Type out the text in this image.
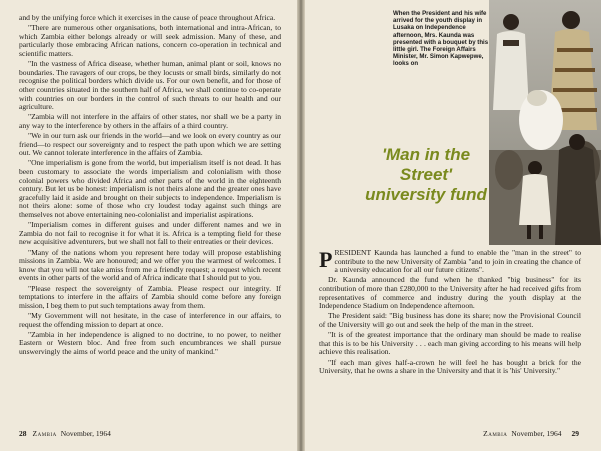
and by the unifying force which it exercises in the cause of peace throughout Africa.

"There are numerous other organisations, both international and intra-African, to which Zambia either belongs already or will seek admission. Many of these, and particularly those embracing African nations, concern co-operation in technical and scientific matters.

"In the vastness of Africa disease, whether human, animal plant or soil, knows no boundaries. The ravagers of our crops, be they locusts or small birds, similarly do not recognise the political borders which divide us. For our own benefit, and for those of other countries situated in the southern half of Africa, we shall continue to co-operate with countries on our borders in the control of such threats to our health and our agriculture.

"Zambia will not interfere in the affairs of other states, nor shall we be a party in any way to the interference by others in the affairs of a third country.

"We in our turn ask our friends in the world—and we look on every country as our friend—to respect our sovereignty and to respect the path upon which we are setting out. We cannot tolerate interference in the affairs of Zambia.

"One imperialism is gone from the world, but imperialism itself is not dead. It has been customary to associate the words imperialism and colonialism with those colonial powers who divided Africa and other parts of the world in the eighteenth century. But let us be honest: imperialism is not theirs alone and the greater ones have gracefully laid it aside and brought on their subjects to independence. Imperialism is not theirs alone: some of those who cry loudest today against such things are themselves not above entertaining neo-colonialist and imperialist aspirations.

"Imperialism comes in different guises and under different names and we in Zambia do not fail to recognise it for what it is. Africa is a tempting field for these new acquisitive adventurers, but we shall not fall to their entreaties or their devices.

"Many of the nations whom you represent here today will propose establishing missions in Zambia. We are honoured; and we offer you the warmest of welcomes. I know that you will not take amiss from me a friendly request; a request which recent events in other parts of the world and of Africa indicate that I should put to you.

"Please respect the sovereignty of Zambia. Please respect our integrity. If temptations to interfere in the affairs of Zambia should come before any foreign mission, I beg them to put such temptations away from them.

"My Government will not hesitate, in the case of interference in our affairs, to request the offending mission to depart at once.

"Zambia in her independence is aligned to no doctrine, to no power, to neither Eastern or Western bloc. And free from such encumbrances we shall pursue unswervingly the aims of world peace and the unity of mankind."

28 Zambia November, 1964
When the President and his wife arrived for the youth display in Lusaka on Independence afternoon, Mrs. Kaunda was presented with a bouquet by this little girl. The Foreign Affairs Minister, Mr. Simon Kapwepwe, looks on
'Man in the Street' university fund

PRESIDENT Kaunda has launched a fund to enable the "man in the street" to contribute to the new University of Zambia "and to join in creating the chance of a university education for all our future citizens".

Dr. Kaunda announced the fund when he thanked "big business" for its contribution of more than £280,000 to the University after he had received gifts from representatives of commerce and industry during the youth display at the Independence Stadium on Independence afternoon.

The President said: "Big business has done its share; now the Provisional Council of the University will go out and seek the help of the man in the street.

"It is of the greatest importance that the ordinary man should be made to realise that this is to be his University . . . each man giving according to his means will help achieve this realisation.

"If each man gives half-a-crown he will feel he has bought a brick for the University, that he owns a share in the University and that it is 'his' University."

Zambia November, 1964 29
